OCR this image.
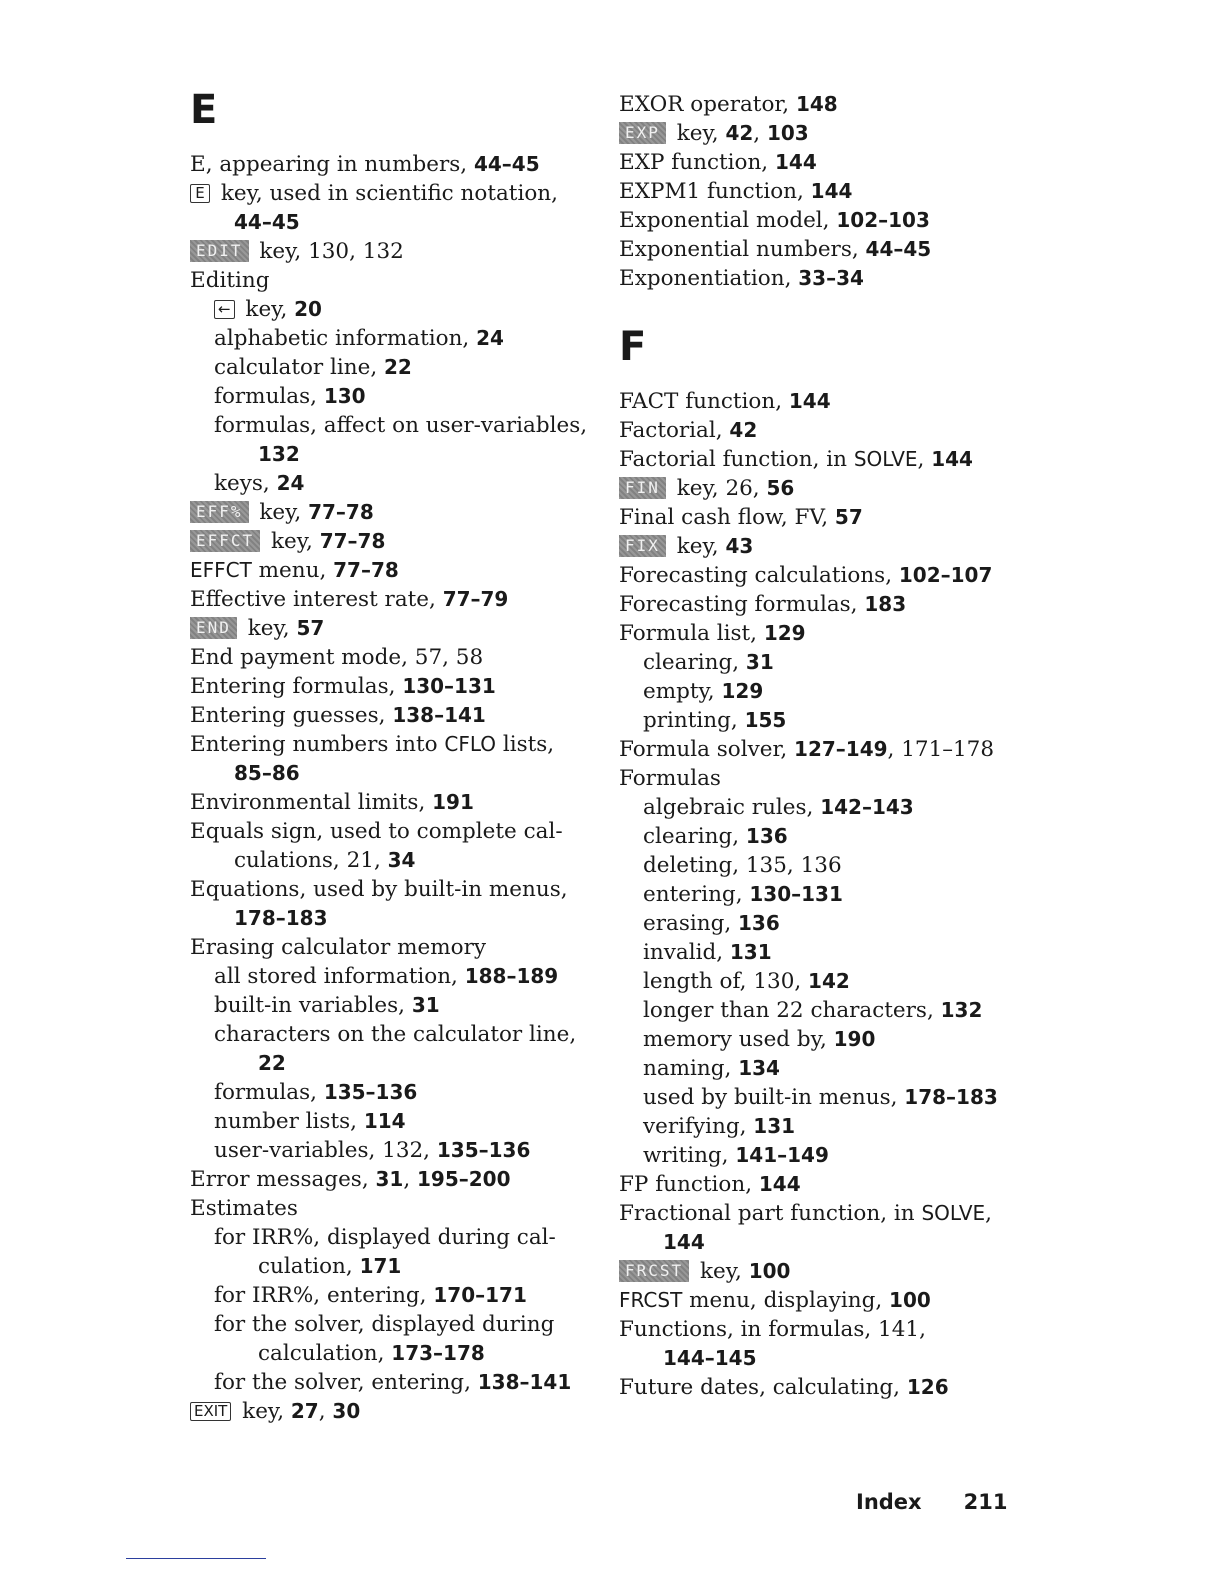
E
E, appearing in numbers, 44–45
E key, used in scientific notation,
44–45
EDIT key, 130, 132
Editing
← key, 20
alphabetic information, 24
calculator line, 22
formulas, 130
formulas, affect on user-variables,
132
keys, 24
EFF% key, 77–78
EFFCT key, 77–78
EFFCT menu, 77–78
Effective interest rate, 77–79
END key, 57
End payment mode, 57, 58
Entering formulas, 130–131
Entering guesses, 138–141
Entering numbers into CFLO lists,
85–86
Environmental limits, 191
Equals sign, used to complete cal-
culations, 21, 34
Equations, used by built-in menus,
178–183
Erasing calculator memory
all stored information, 188–189
built-in variables, 31
characters on the calculator line,
22
formulas, 135–136
number lists, 114
user-variables, 132, 135–136
Error messages, 31, 195–200
Estimates
for IRR%, displayed during cal-
culation, 171
for IRR%, entering, 170–171
for the solver, displayed during
calculation, 173–178
for the solver, entering, 138–141
EXIT key, 27, 30
EXOR operator, 148
EXP key, 42, 103
EXP function, 144
EXPM1 function, 144
Exponential model, 102–103
Exponential numbers, 44–45
Exponentiation, 33–34
F
FACT function, 144
Factorial, 42
Factorial function, in SOLVE, 144
FIN key, 26, 56
Final cash flow, FV, 57
FIX key, 43
Forecasting calculations, 102–107
Forecasting formulas, 183
Formula list, 129
clearing, 31
empty, 129
printing, 155
Formula solver, 127–149, 171–178
Formulas
algebraic rules, 142–143
clearing, 136
deleting, 135, 136
entering, 130–131
erasing, 136
invalid, 131
length of, 130, 142
longer than 22 characters, 132
memory used by, 190
naming, 134
used by built-in menus, 178–183
verifying, 131
writing, 141–149
FP function, 144
Fractional part function, in SOLVE,
144
FRCST key, 100
FRCST menu, displaying, 100
Functions, in formulas, 141,
144–145
Future dates, calculating, 126
Index 211
